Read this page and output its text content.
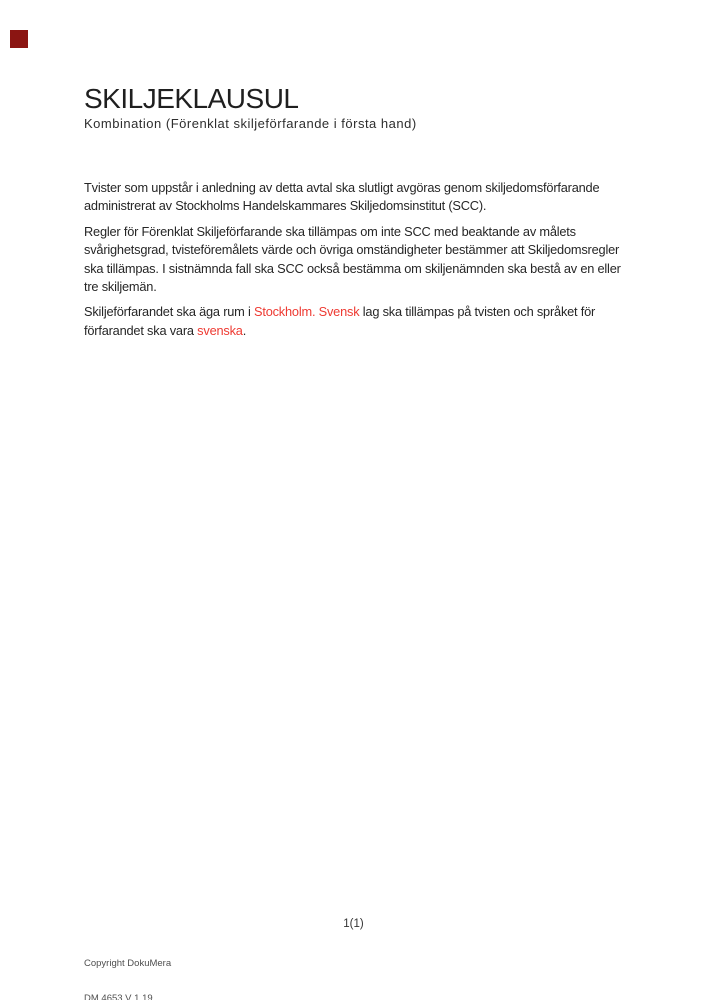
SKILJEKLAUSUL
Kombination (Förenklat skiljeförfarande i första hand)
Tvister som uppstår i anledning av detta avtal ska slutligt avgöras genom skiljedomsförfarande
administrerat av Stockholms Handelskammares Skiljedomsinstitut (SCC).
Regler för Förenklat Skiljeförfarande ska tillämpas om inte SCC med beaktande av målets
svårighetsgrad, tvisteföremålets värde och övriga omständigheter bestämmer att Skiljedomsregler
ska tillämpas. I sistnämnda fall ska SCC också bestämma om skiljenämnden ska bestå av en eller
tre skiljemän.
Skiljeförfarandet ska äga rum i Stockholm. Svensk lag ska tillämpas på tvisten och språket för
förfarandet ska vara svenska.
1(1)

Copyright DokuMera

DM 4653 V 1.19
